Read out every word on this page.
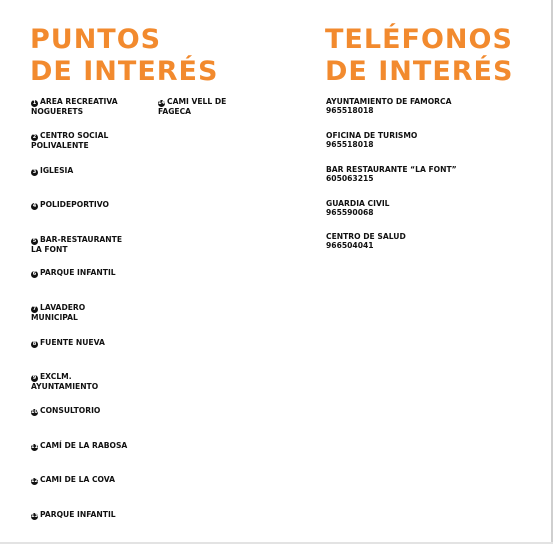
PUNTOS
DE INTERÉS
TELÉFONOS
DE INTERÉS
1 AREA RECREATIVA
NOGUERETS
2 CENTRO SOCIAL
POLIVALENTE
3 IGLESIA
4 POLIDEPORTIVO
5 BAR-RESTAURANTE
LA FONT
6 PARQUE INFANTIL
7 LAVADERO
MUNICIPAL
8 FUENTE NUEVA
9 EXCLM.
AYUNTAMIENTO
10 CONSULTORIO
11 CAMÍ DE LA RABOSA
12 CAMI DE LA COVA
13 PARQUE INFANTIL
14 CAMI VELL DE
FAGECA
AYUNTAMIENTO DE FAMORCA
965518018
OFICINA DE TURISMO
965518018
BAR RESTAURANTE “LA FONT”
605063215
GUARDIA CIVIL
965590068
CENTRO DE SALUD
966504041
